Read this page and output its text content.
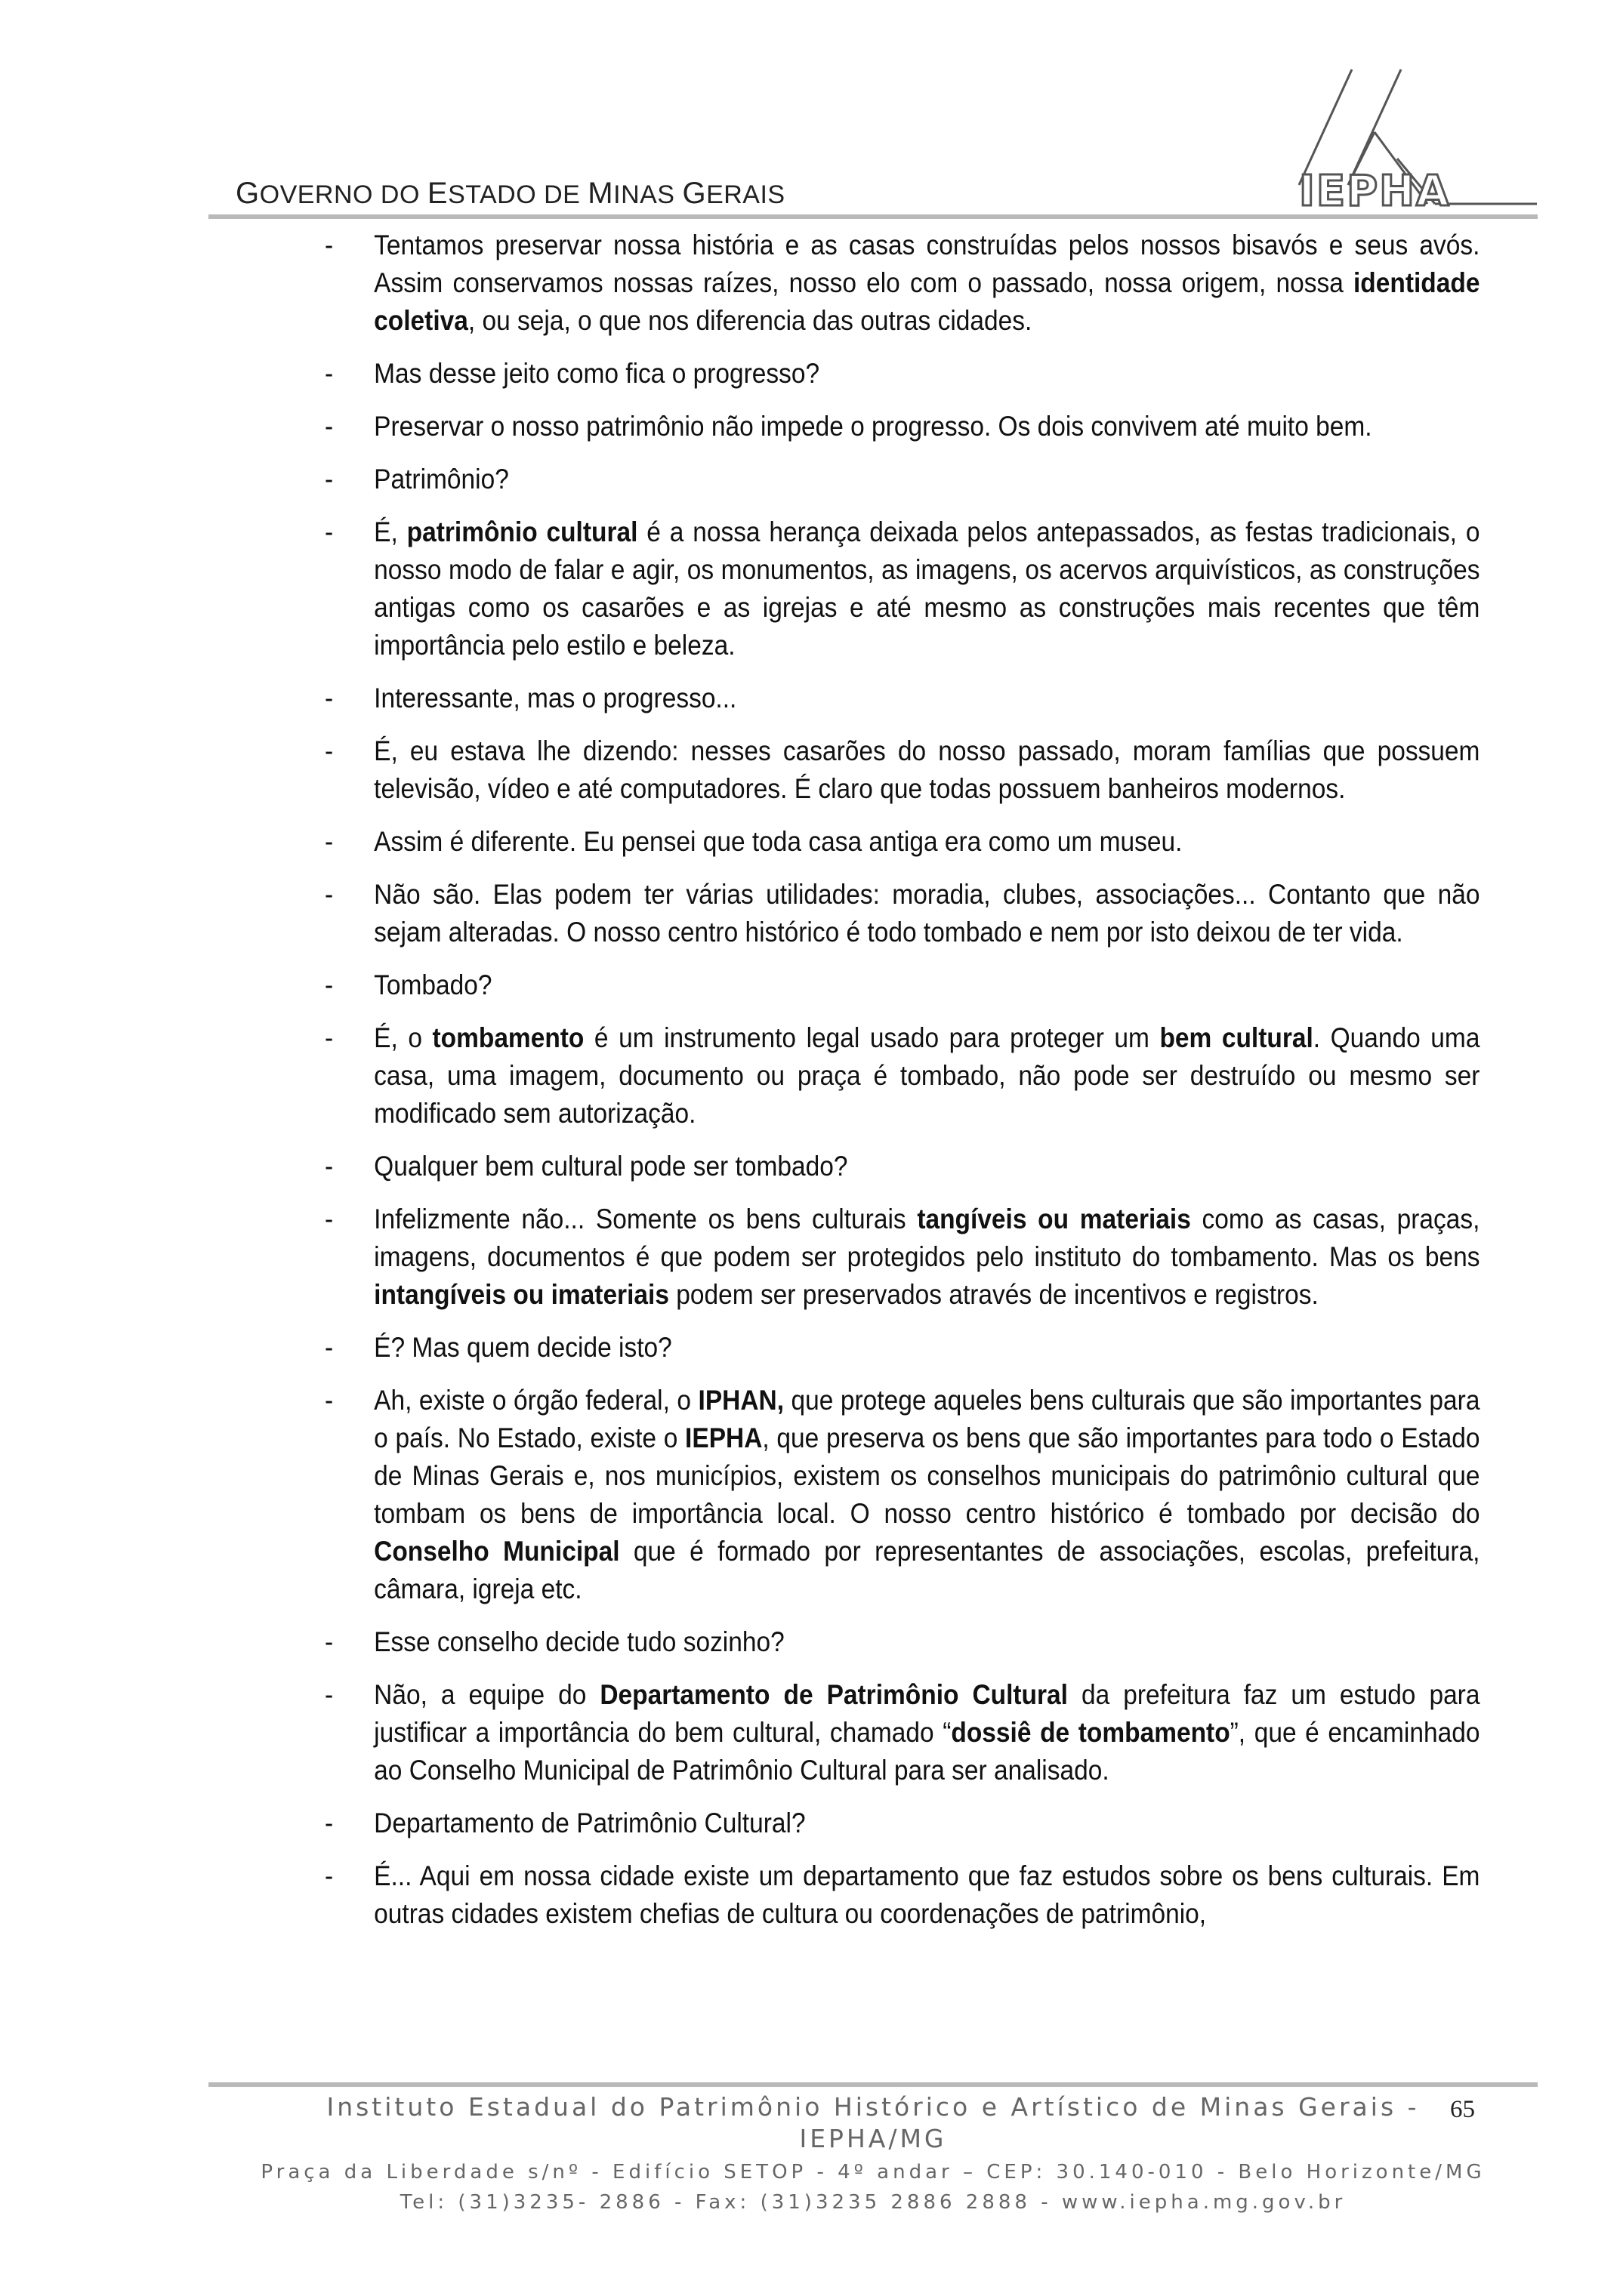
GOVERNO DO ESTADO DE MINAS GERAIS	IEPHA
- Tentamos preservar nossa história e as casas construídas pelos nossos bisavós e seus avós. Assim conservamos nossas raízes, nosso elo com o passado, nossa origem, nossa identidade coletiva, ou seja, o que nos diferencia das outras cidades.
- Mas desse jeito como fica o progresso?
- Preservar o nosso patrimônio não impede o progresso. Os dois convivem até muito bem.
- Patrimônio?
- É, patrimônio cultural é a nossa herança deixada pelos antepassados, as festas tradicionais, o nosso modo de falar e agir, os monumentos, as imagens, os acervos arquivísticos, as construções antigas como os casarões e as igrejas e até mesmo as construções mais recentes que têm importância pelo estilo e beleza.
- Interessante, mas o progresso...
- É, eu estava lhe dizendo: nesses casarões do nosso passado, moram famílias que possuem televisão, vídeo e até computadores. É claro que todas possuem banheiros modernos.
- Assim é diferente. Eu pensei que toda casa antiga era como um museu.
- Não são. Elas podem ter várias utilidades: moradia, clubes, associações... Contanto que não sejam alteradas. O nosso centro histórico é todo tombado e nem por isto deixou de ter vida.
- Tombado?
- É, o tombamento é um instrumento legal usado para proteger um bem cultural. Quando uma casa, uma imagem, documento ou praça é tombado, não pode ser destruído ou mesmo ser modificado sem autorização.
- Qualquer bem cultural pode ser tombado?
- Infelizmente não... Somente os bens culturais tangíveis ou materiais como as casas, praças, imagens, documentos é que podem ser protegidos pelo instituto do tombamento. Mas os bens intangíveis ou imateriais podem ser preservados através de incentivos e registros.
- É? Mas quem decide isto?
- Ah, existe o órgão federal, o IPHAN, que protege aqueles bens culturais que são importantes para o país. No Estado, existe o IEPHA, que preserva os bens que são importantes para todo o Estado de Minas Gerais e, nos municípios, existem os conselhos municipais do patrimônio cultural que tombam os bens de importância local. O nosso centro histórico é tombado por decisão do Conselho Municipal que é formado por representantes de associações, escolas, prefeitura, câmara, igreja etc.
- Esse conselho decide tudo sozinho?
- Não, a equipe do Departamento de Patrimônio Cultural da prefeitura faz um estudo para justificar a importância do bem cultural, chamado “dossiê de tombamento”, que é encaminhado ao Conselho Municipal de Patrimônio Cultural para ser analisado.
- Departamento de Patrimônio Cultural?
- É... Aqui em nossa cidade existe um departamento que faz estudos sobre os bens culturais. Em outras cidades existem chefias de cultura ou coordenações de patrimônio,
Instituto Estadual do Patrimônio Histórico e Artístico de Minas Gerais -
IEPHA/MG
Praça da Liberdade s/nº - Edifício SETOP - 4º andar – CEP: 30.140-010 - Belo Horizonte/MG
Tel: (31)3235- 2886 - Fax: (31)3235 2886 2888 - www.iepha.mg.gov.br
65
